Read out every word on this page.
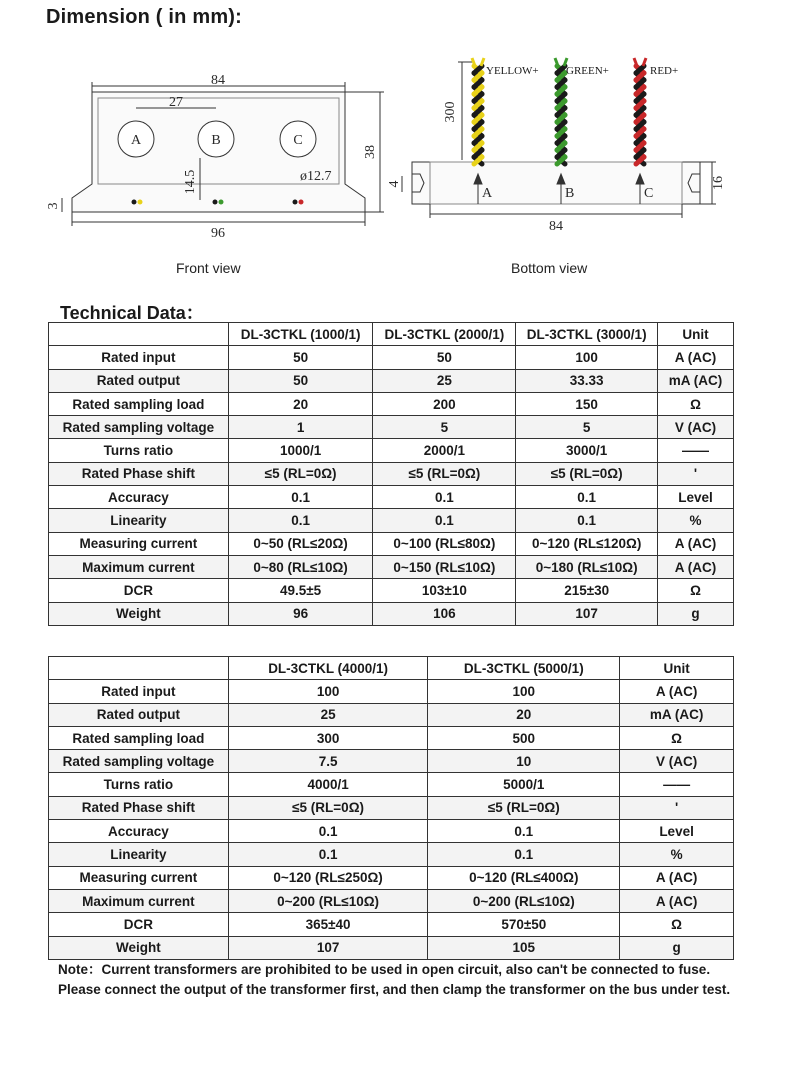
Dimension ( in mm):
A	B	C
84
27
96
ø12.7
38
14.5
3
300
4
84
16
A	B	C
YELLOW+ GREEN+	RED+
Front view	Bottom view
Technical Data：
	DL-3CTKL (1000/1)	DL-3CTKL (2000/1)	DL-3CTKL (3000/1)	Unit
Rated input	50	50	100	A (AC)
Rated output	50	25	33.33	mA (AC)
Rated sampling load	20	200	150	Ω
Rated sampling voltage	1	5	5	V (AC)
Turns ratio	1000/1	2000/1	3000/1	——
Rated Phase shift	≤5 (RL=0Ω)	≤5 (RL=0Ω)	≤5 (RL=0Ω)	'
Accuracy	0.1	0.1	0.1	Level
Linearity	0.1	0.1	0.1	%
Measuring current	0~50 (RL≤20Ω)	0~100 (RL≤80Ω)	0~120 (RL≤120Ω)	A (AC)
Maximum current	0~80 (RL≤10Ω)	0~150 (RL≤10Ω)	0~180 (RL≤10Ω)	A (AC)
DCR	49.5±5	103±10	215±30	Ω
Weight	96	106	107	g
	DL-3CTKL (4000/1)	DL-3CTKL (5000/1)	Unit
Rated input	100	100	A (AC)
Rated output	25	20	mA (AC)
Rated sampling load	300	500	Ω
Rated sampling voltage	7.5	10	V (AC)
Turns ratio	4000/1	5000/1	——
Rated Phase shift	≤5 (RL=0Ω)	≤5 (RL=0Ω)	'
Accuracy	0.1	0.1	Level
Linearity	0.1	0.1	%
Measuring current	0~120 (RL≤250Ω)	0~120 (RL≤400Ω)	A (AC)
Maximum current	0~200 (RL≤10Ω)	0~200 (RL≤10Ω)	A (AC)
DCR	365±40	570±50	Ω
Weight	107	105	g
Note：Current transformers are prohibited to be used in open circuit, also can't be connected to fuse. Please connect the output of the transformer first, and then clamp the transformer on the bus under test.
